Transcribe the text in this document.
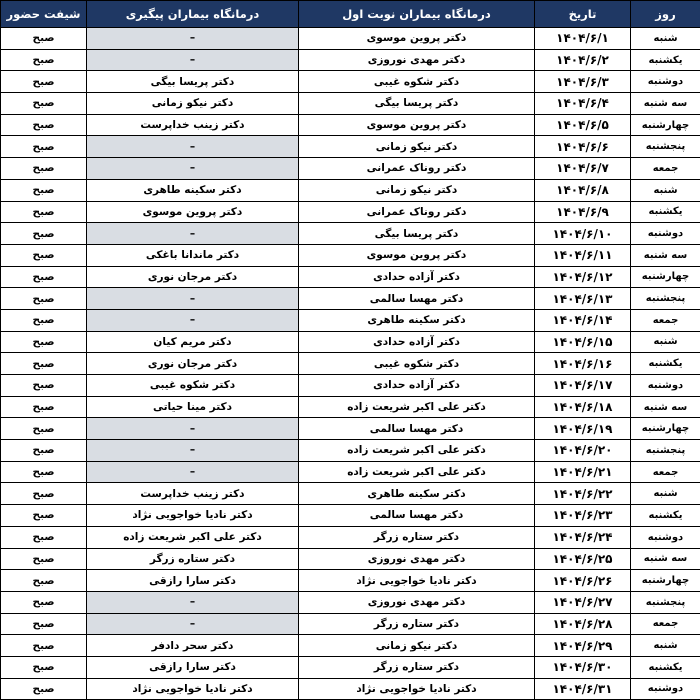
روز	تاریخ	درمانگاه بیماران نوبت اول	درمانگاه بیماران پیگیری	شیفت حضور
شنبه	۱۴۰۴/۶/۱	دکتر پروین موسوی	–	صبح
یکشنبه	۱۴۰۴/۶/۲	دکتر مهدی نوروزی	–	صبح
دوشنبه	۱۴۰۴/۶/۳	دکتر شکوه غیبی	دکتر پریسا بیگی	صبح
سه شنبه	۱۴۰۴/۶/۴	دکتر پریسا بیگی	دکتر نیکو زمانی	صبح
چهارشنبه	۱۴۰۴/۶/۵	دکتر پروین موسوی	دکتر زینب خداپرست	صبح
پنجشنبه	۱۴۰۴/۶/۶	دکتر نیکو زمانی	–	صبح
جمعه	۱۴۰۴/۶/۷	دکتر روناک عمرانی	–	صبح
شنبه	۱۴۰۴/۶/۸	دکتر نیکو زمانی	دکتر سکینه طاهری	صبح
یکشنبه	۱۴۰۴/۶/۹	دکتر روناک عمرانی	دکتر پروین موسوی	صبح
دوشنبه	۱۴۰۴/۶/۱۰	دکتر پریسا بیگی	–	صبح
سه شنبه	۱۴۰۴/۶/۱۱	دکتر پروین موسوی	دکتر ماندانا باغکی	صبح
چهارشنبه	۱۴۰۴/۶/۱۲	دکتر آزاده حدادی	دکتر مرجان نوری	صبح
پنجشنبه	۱۴۰۴/۶/۱۳	دکتر مهسا سالمی	–	صبح
جمعه	۱۴۰۴/۶/۱۴	دکتر سکینه طاهری	–	صبح
شنبه	۱۴۰۴/۶/۱۵	دکتر آزاده حدادی	دکتر مریم کیان	صبح
یکشنبه	۱۴۰۴/۶/۱۶	دکتر شکوه غیبی	دکتر مرجان نوری	صبح
دوشنبه	۱۴۰۴/۶/۱۷	دکتر آزاده حدادی	دکتر شکوه غیبی	صبح
سه شنبه	۱۴۰۴/۶/۱۸	دکتر علی اکبر شریعت زاده	دکتر مینا حیاتی	صبح
چهارشنبه	۱۴۰۴/۶/۱۹	دکتر مهسا سالمی	–	صبح
پنجشنبه	۱۴۰۴/۶/۲۰	دکتر علی اکبر شریعت زاده	–	صبح
جمعه	۱۴۰۴/۶/۲۱	دکتر علی اکبر شریعت زاده	–	صبح
شنبه	۱۴۰۴/۶/۲۲	دکتر سکینه طاهری	دکتر زینب خداپرست	صبح
یکشنبه	۱۴۰۴/۶/۲۳	دکتر مهسا سالمی	دکتر نادیا خواجویی نژاد	صبح
دوشنبه	۱۴۰۴/۶/۲۴	دکتر ستاره زرگر	دکتر علی اکبر شریعت زاده	صبح
سه شنبه	۱۴۰۴/۶/۲۵	دکتر مهدی نوروزی	دکتر ستاره زرگر	صبح
چهارشنبه	۱۴۰۴/۶/۲۶	دکتر نادیا خواجویی نژاد	دکتر سارا رازقی	صبح
پنجشنبه	۱۴۰۴/۶/۲۷	دکتر مهدی نوروزی	–	صبح
جمعه	۱۴۰۴/۶/۲۸	دکتر ستاره زرگر	–	صبح
شنبه	۱۴۰۴/۶/۲۹	دکتر نیکو زمانی	دکتر سحر دادفر	صبح
یکشنبه	۱۴۰۴/۶/۳۰	دکتر ستاره زرگر	دکتر سارا رازقی	صبح
دوشنبه	۱۴۰۴/۶/۳۱	دکتر نادیا خواجویی نژاد	دکتر نادیا خواجویی نژاد	صبح
